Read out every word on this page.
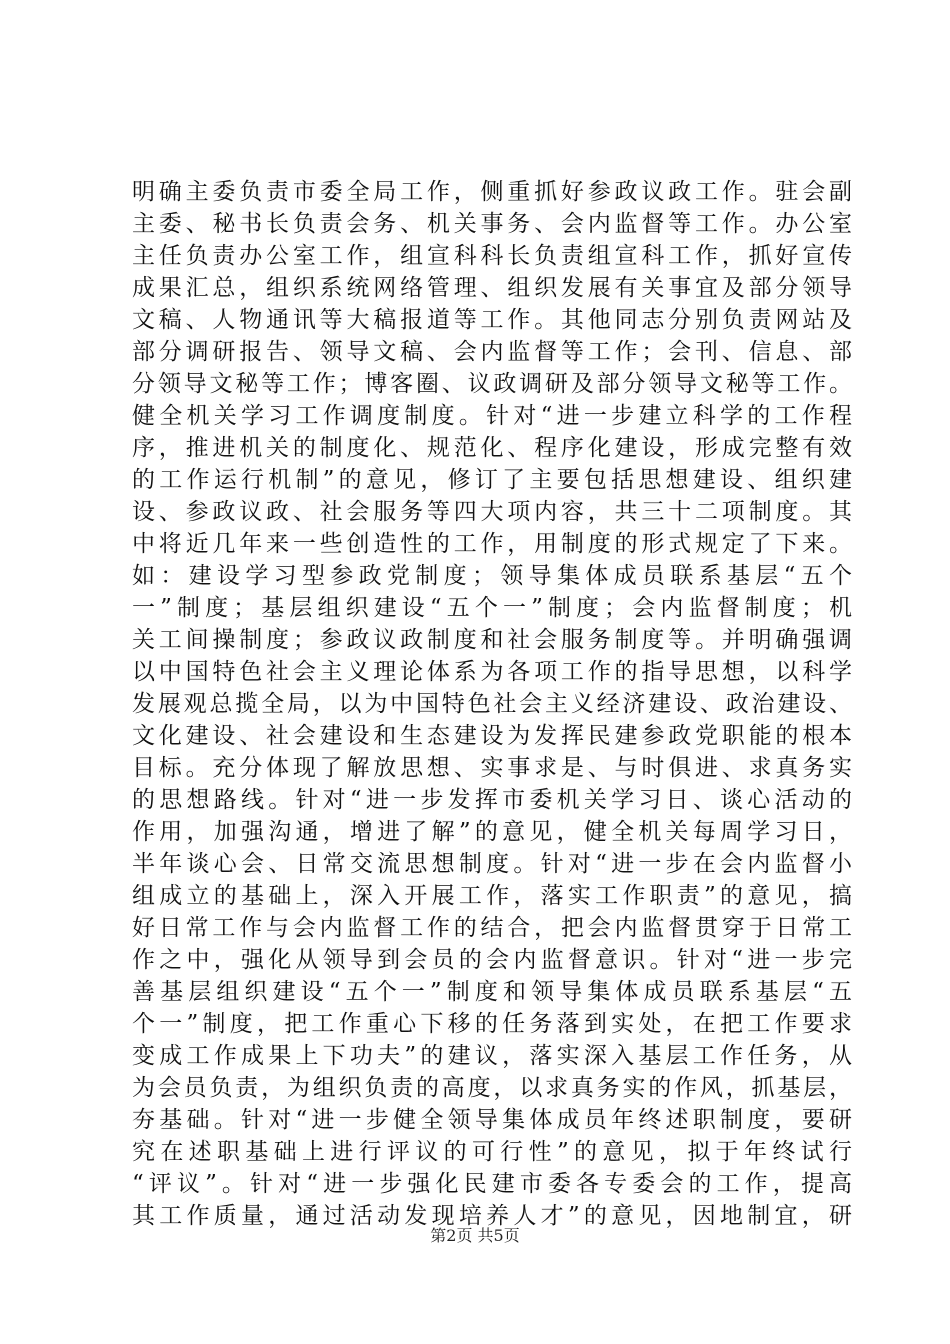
明确主委负责市委全局工作，侧重抓好参政议政工作。驻会副
主委、秘书长负责会务、机关事务、会内监督等工作。办公室
主任负责办公室工作，组宣科科长负责组宣科工作，抓好宣传
成果汇总，组织系统网络管理、组织发展有关事宜及部分领导
文稿、人物通讯等大稿报道等工作。其他同志分别负责网站及
部分调研报告、领导文稿、会内监督等工作；会刊、信息、部
分领导文秘等工作；博客圈、议政调研及部分领导文秘等工作。
健全机关学习工作调度制度。针对“进一步建立科学的工作程
序，推进机关的制度化、规范化、程序化建设，形成完整有效
的工作运行机制”的意见，修订了主要包括思想建设、组织建
设、参政议政、社会服务等四大项内容，共三十二项制度。其
中将近几年来一些创造性的工作，用制度的形式规定了下来。
如：建设学习型参政党制度；领导集体成员联系基层“五个
一”制度；基层组织建设“五个一”制度；会内监督制度；机
关工间操制度；参政议政制度和社会服务制度等。并明确强调
以中国特色社会主义理论体系为各项工作的指导思想，以科学
发展观总揽全局，以为中国特色社会主义经济建设、政治建设、
文化建设、社会建设和生态建设为发挥民建参政党职能的根本
目标。充分体现了解放思想、实事求是、与时俱进、求真务实
的思想路线。针对“进一步发挥市委机关学习日、谈心活动的
作用，加强沟通，增进了解”的意见，健全机关每周学习日，
半年谈心会、日常交流思想制度。针对“进一步在会内监督小
组成立的基础上，深入开展工作，落实工作职责”的意见，搞
好日常工作与会内监督工作的结合，把会内监督贯穿于日常工
作之中，强化从领导到会员的会内监督意识。针对“进一步完
善基层组织建设“五个一”制度和领导集体成员联系基层“五
个一”制度，把工作重心下移的任务落到实处，在把工作要求
变成工作成果上下功夫”的建议，落实深入基层工作任务，从
为会员负责，为组织负责的高度，以求真务实的作风，抓基层，
夯基础。针对“进一步健全领导集体成员年终述职制度，要研
究在述职基础上进行评议的可行性”的意见，拟于年终试行
“评议”。针对“进一步强化民建市委各专委会的工作，提高
其工作质量，通过活动发现培养人才”的意见，因地制宜，研
第2页 共5页
